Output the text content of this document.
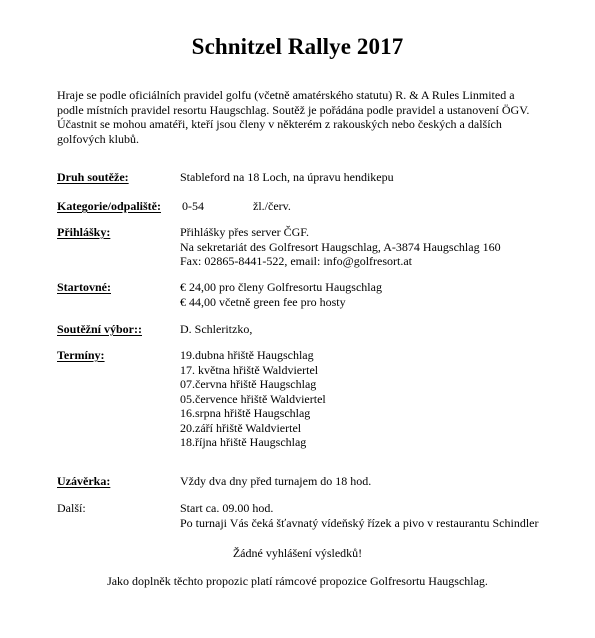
Schnitzel Rallye 2017
Hraje se podle oficiálních pravidel golfu (včetně amatérského statutu) R. & A Rules Linmited a
podle místních pravidel resortu Haugschlag. Soutěž je pořádána podle pravidel a ustanovení ÖGV.
Účastnit se mohou amatéři, kteří jsou členy v některém z rakouských nebo českých a dalších
golfových klubů.
Druh soutěže:	Stableford na 18 Loch, na úpravu hendikepu
Kategorie/odpaliště: 0-54	žl./červ.
Přihlášky:	Přihlášky přes server ČGF.
Na sekretariát des Golfresort Haugschlag, A-3874 Haugschlag 160
Fax: 02865-8441-522, email: info@golfresort.at
Startovné:	€ 24,00 pro členy Golfresortu Haugschlag
€ 44,00 včetně green fee pro hosty
Soutěžní výbor::	D. Schleritzko,
Termíny:	19.dubna hřiště Haugschlag
17. května hřiště Waldviertel
07.června hřiště Haugschlag
05.července hřiště Waldviertel
16.srpna hřiště Haugschlag
20.září hřiště Waldviertel
18.října hřiště Haugschlag
Uzávěrka:	Vždy dva dny před turnajem do 18 hod.
Další:	Start ca. 09.00 hod.
Po turnaji Vás čeká šťavnatý vídeňský řízek a pivo v restaurantu Schindler
Žádné vyhlášení výsledků!
Jako doplněk těchto propozic platí rámcové propozice Golfresortu Haugschlag.
